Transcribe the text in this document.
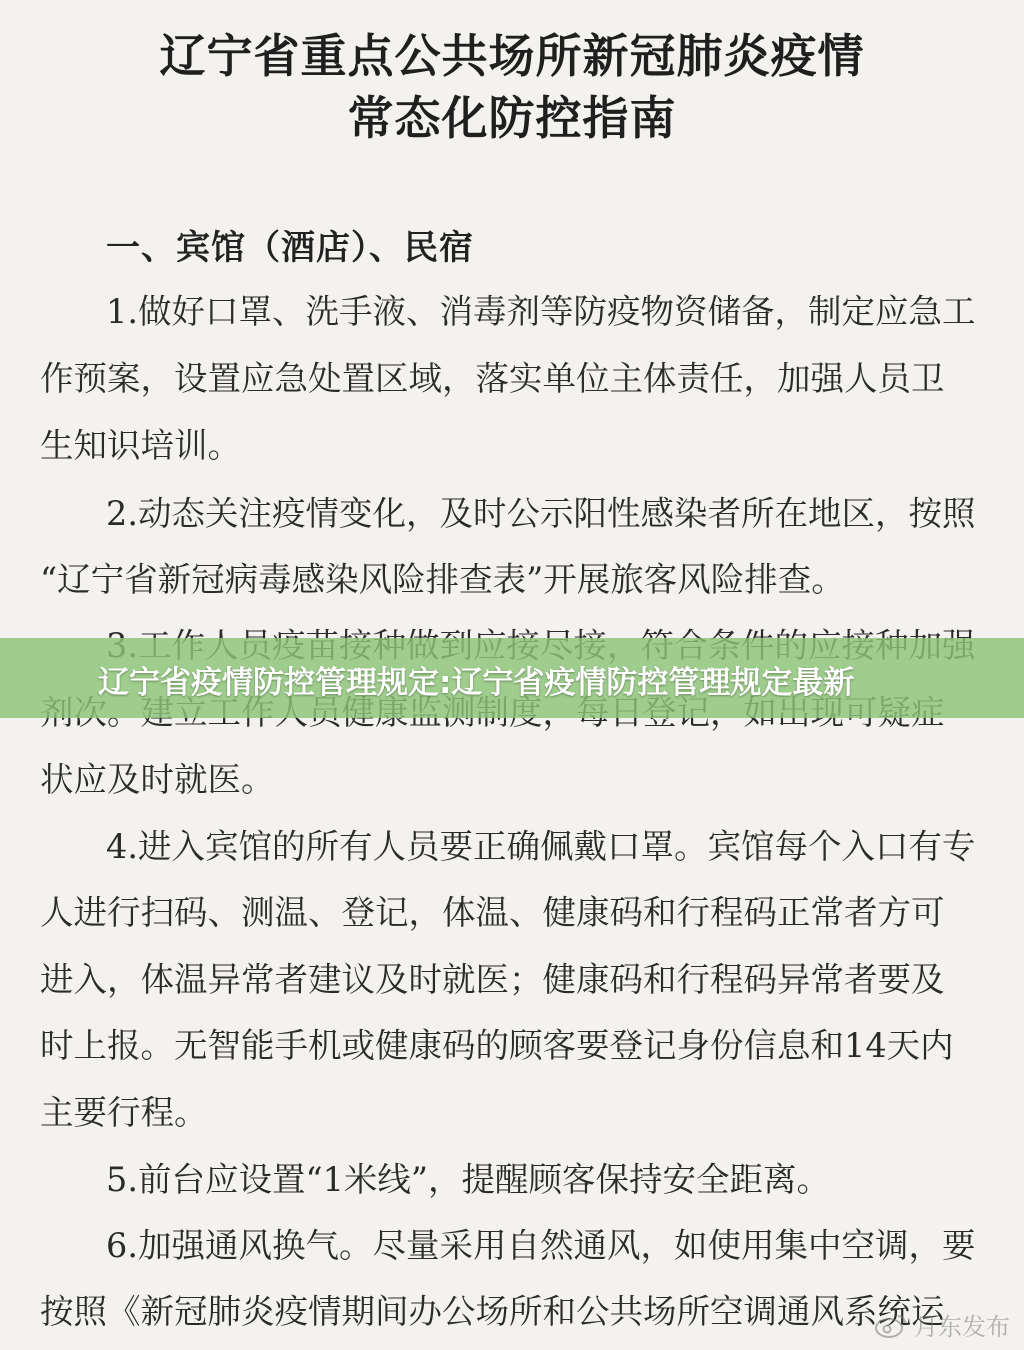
辽宁省重点公共场所新冠肺炎疫情
常态化防控指南
一、宾馆（酒店）、民宿
1.做好口罩、洗手液、消毒剂等防疫物资储备，制定应急工
作预案，设置应急处置区域，落实单位主体责任，加强人员卫
生知识培训。
2.动态关注疫情变化，及时公示阳性感染者所在地区，按照
“辽宁省新冠病毒感染风险排查表”开展旅客风险排查。
状应及时就医。
4.进入宾馆的所有人员要正确佩戴口罩。宾馆每个入口有专
人进行扫码、测温、登记，体温、健康码和行程码正常者方可
进入，体温异常者建议及时就医；健康码和行程码异常者要及
时上报。无智能手机或健康码的顾客要登记身份信息和14天内
主要行程。
5.前台应设置“1米线”，提醒顾客保持安全距离。
6.加强通风换气。尽量采用自然通风，如使用集中空调，要
按照《新冠肺炎疫情期间办公场所和公共场所空调通风系统运
辽宁省疫情防控管理规定:辽宁省疫情防控管理规定最新
月东发布
